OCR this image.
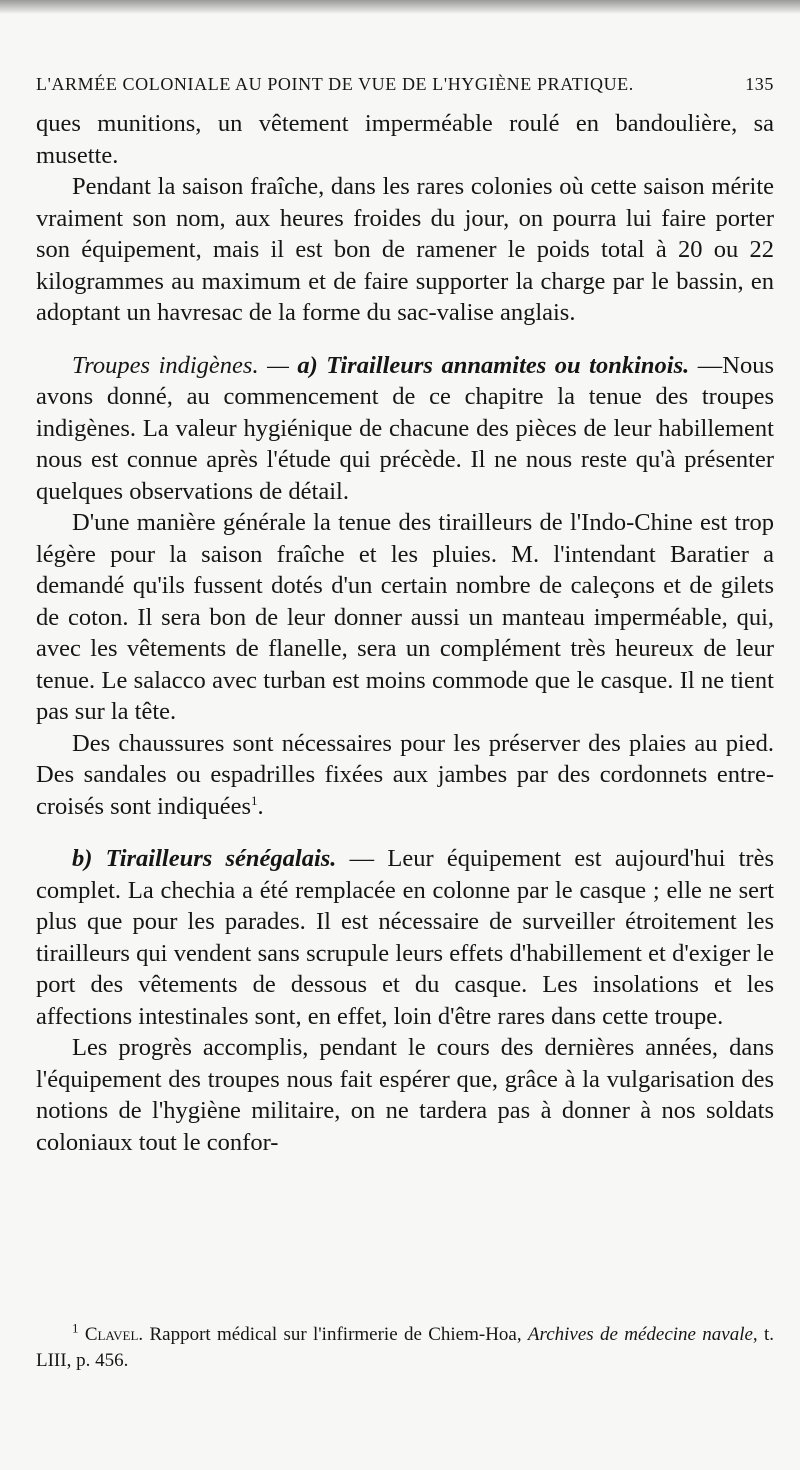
L'ARMÉE COLONIALE AU POINT DE VUE DE L'HYGIÈNE PRATIQUE.	135

ques munitions, un vêtement imperméable roulé en bandoulière, sa musette.

Pendant la saison fraîche, dans les rares colonies où cette saison mérite vraiment son nom, aux heures froides du jour, on pourra lui faire porter son équipement, mais il est bon de ramener le poids total à 20 ou 22 kilogrammes au maximum et de faire supporter la charge par le bassin, en adoptant un havresac de la forme du sac-valise anglais.

Troupes indigènes. — a) Tirailleurs annamites ou tonkinois. —Nous avons donné, au commencement de ce chapitre la tenue des troupes indigènes. La valeur hygiénique de chacune des pièces de leur habillement nous est connue après l'étude qui précède. Il ne nous reste qu'à présenter quelques observations de détail.

D'une manière générale la tenue des tirailleurs de l'Indo-Chine est trop légère pour la saison fraîche et les pluies. M. l'intendant Baratier a demandé qu'ils fussent dotés d'un certain nombre de caleçons et de gilets de coton. Il sera bon de leur donner aussi un manteau imperméable, qui, avec les vêtements de flanelle, sera un complément très heureux de leur tenue. Le salacco avec turban est moins commode que le casque. Il ne tient pas sur la tête.

Des chaussures sont nécessaires pour les préserver des plaies au pied. Des sandales ou espadrilles fixées aux jambes par des cordonnets entre-croisés sont indiquées$^1$.

b) Tirailleurs sénégalais. — Leur équipement est aujourd'hui très complet. La chechia a été remplacée en colonne par le casque ; elle ne sert plus que pour les parades. Il est nécessaire de surveiller étroitement les tirailleurs qui vendent sans scrupule leurs effets d'habillement et d'exiger le port des vêtements de dessous et du casque. Les insolations et les affections intestinales sont, en effet, loin d'être rares dans cette troupe.

Les progrès accomplis, pendant le cours des dernières années, dans l'équipement des troupes nous fait espérer que, grâce à la vulgarisation des notions de l'hygiène militaire, on ne tardera pas à donner à nos soldats coloniaux tout le confor-

$^1$ Clavel. Rapport médical sur l'infirmerie de Chiem-Hoa, Archives de médecine navale, t. LIII, p. 456.
